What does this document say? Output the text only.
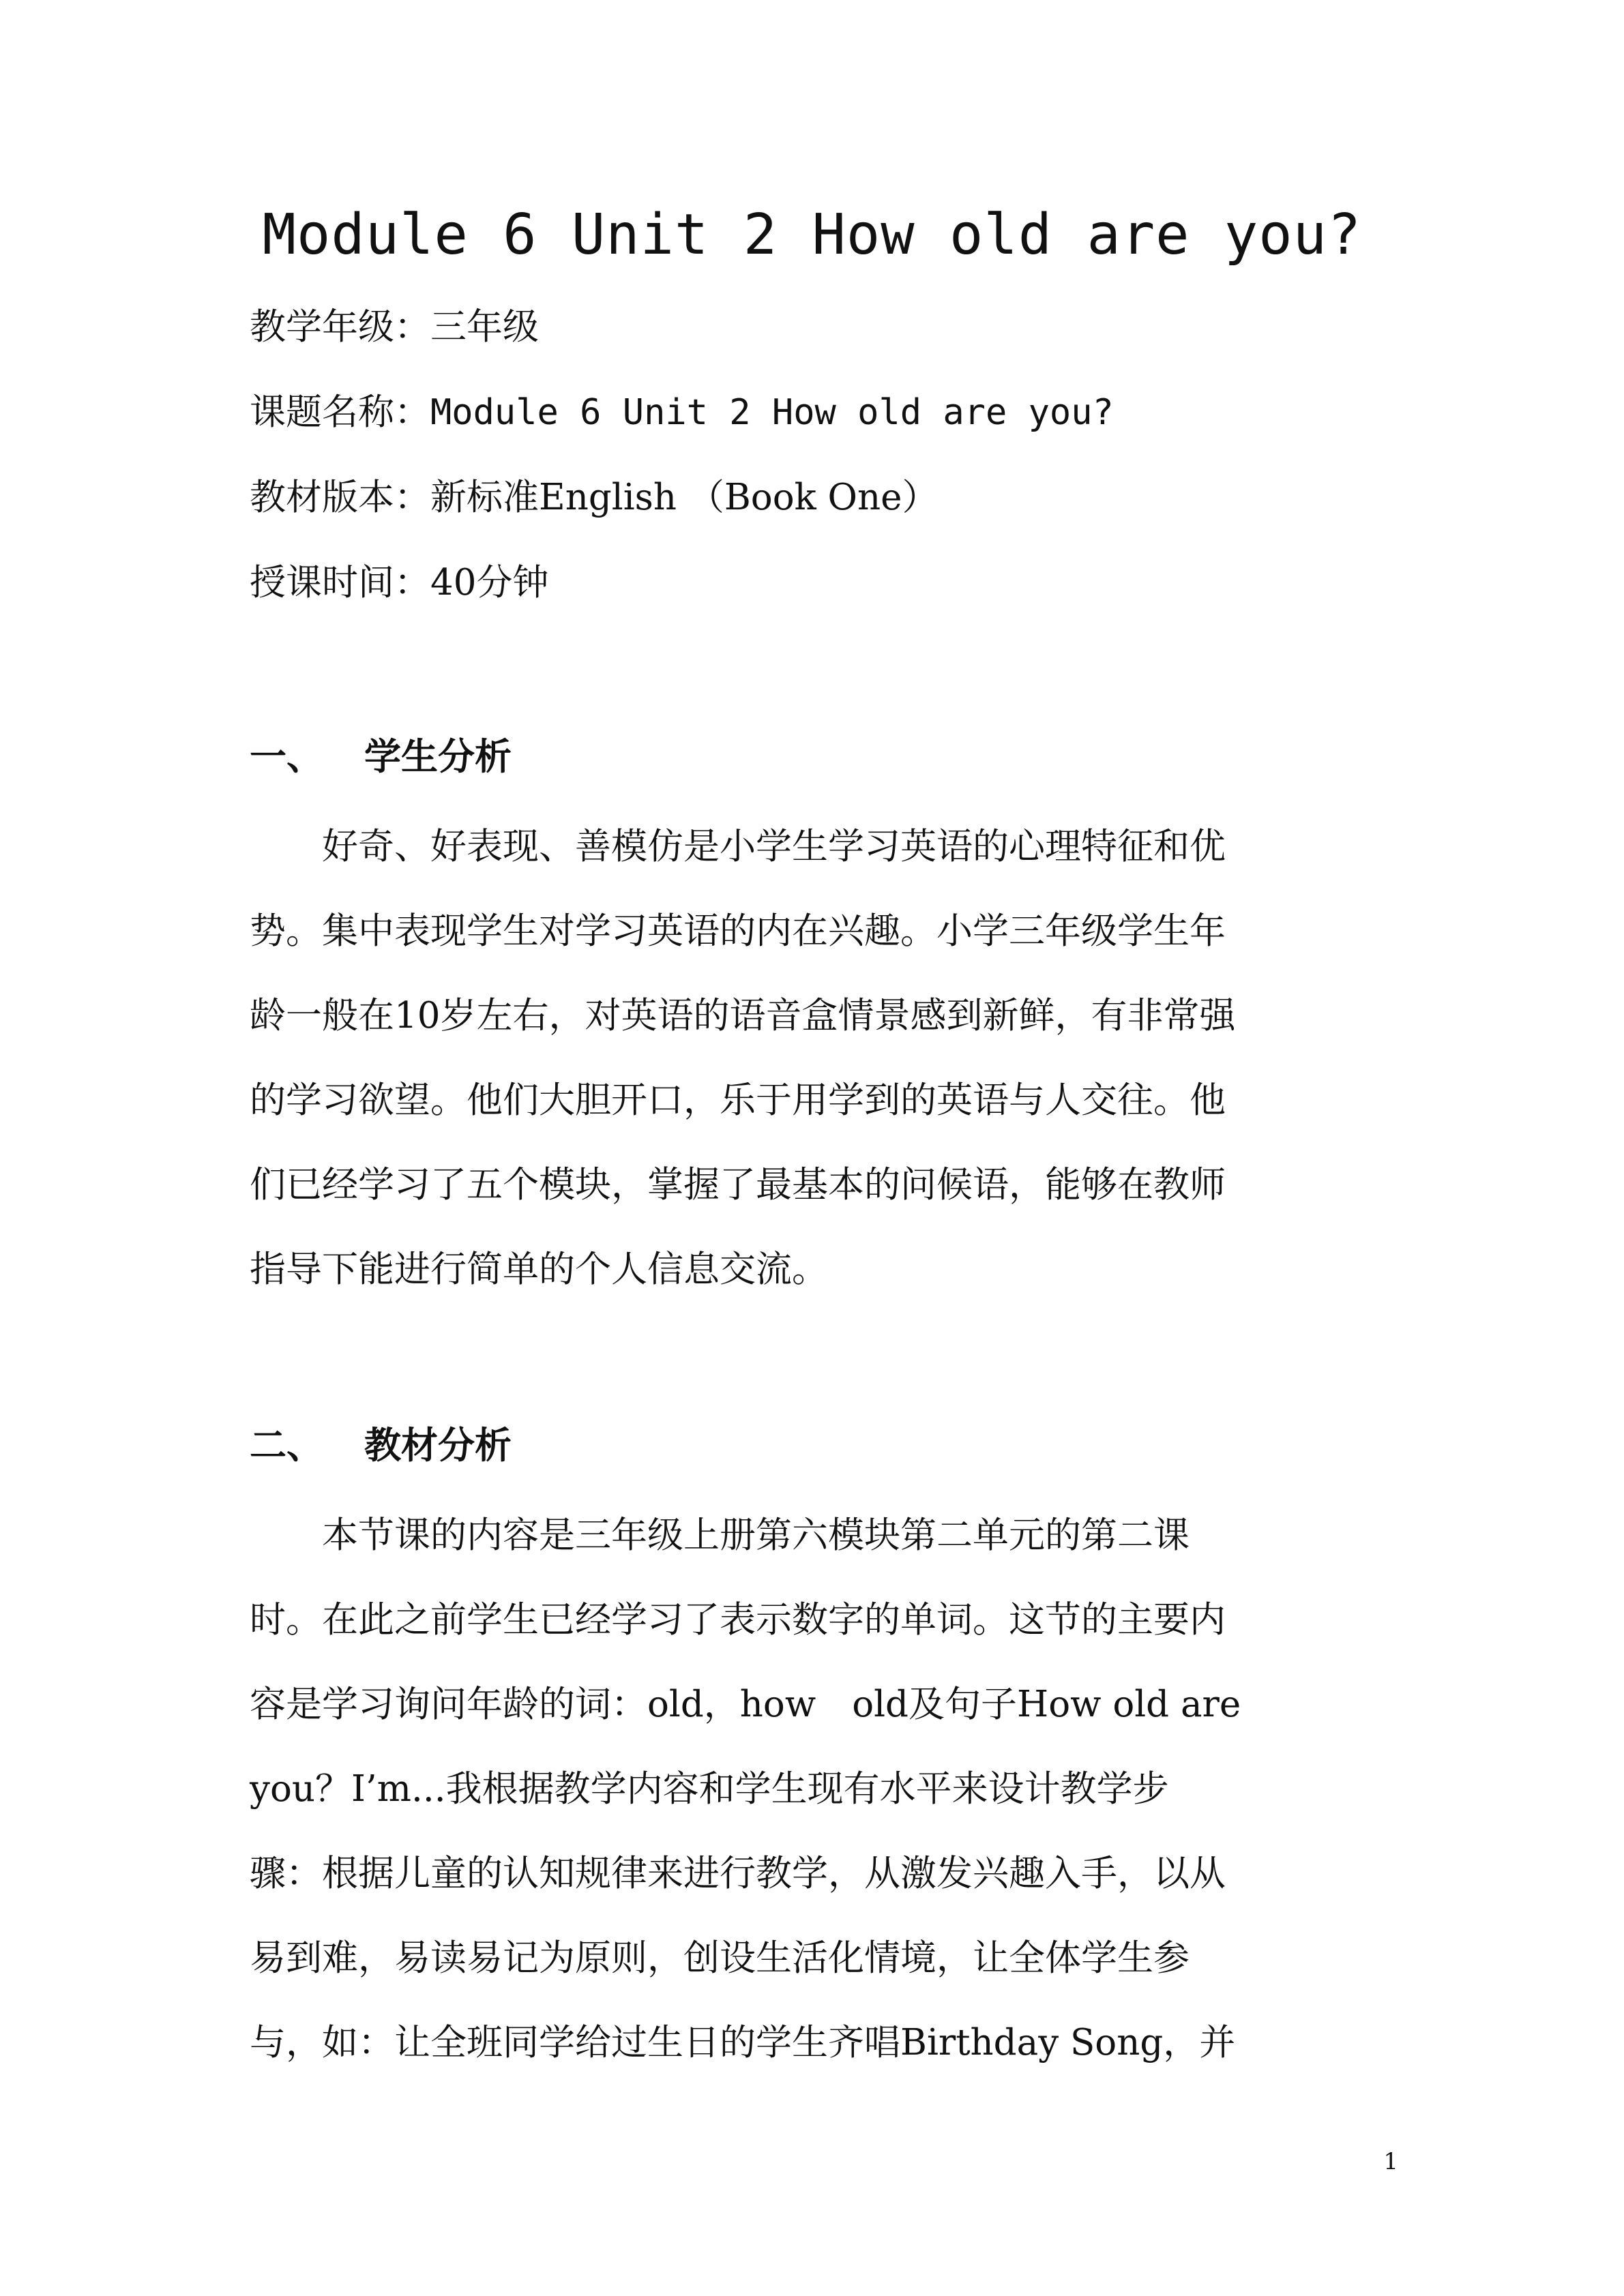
Module 6 Unit 2 How old are you?
教学年级：三年级
课题名称：Module 6 Unit 2 How old are you?
教材版本：新标准English （Book One）
授课时间：40分钟
一、 学生分析
　　好奇、好表现、善模仿是小学生学习英语的心理特征和优
势。集中表现学生对学习英语的内在兴趣。小学三年级学生年
龄一般在10岁左右，对英语的语音盒情景感到新鲜，有非常强
的学习欲望。他们大胆开口，乐于用学到的英语与人交往。他
们已经学习了五个模块，掌握了最基本的问候语，能够在教师
指导下能进行简单的个人信息交流。
二、 教材分析
　　本节课的内容是三年级上册第六模块第二单元的第二课
时。在此之前学生已经学习了表示数字的单词。这节的主要内
容是学习询问年龄的词：old，how　old及句子How old are
you？I’m...我根据教学内容和学生现有水平来设计教学步
骤：根据儿童的认知规律来进行教学，从激发兴趣入手，以从
易到难，易读易记为原则，创设生活化情境，让全体学生参
与，如：让全班同学给过生日的学生齐唱Birthday Song，并
1
